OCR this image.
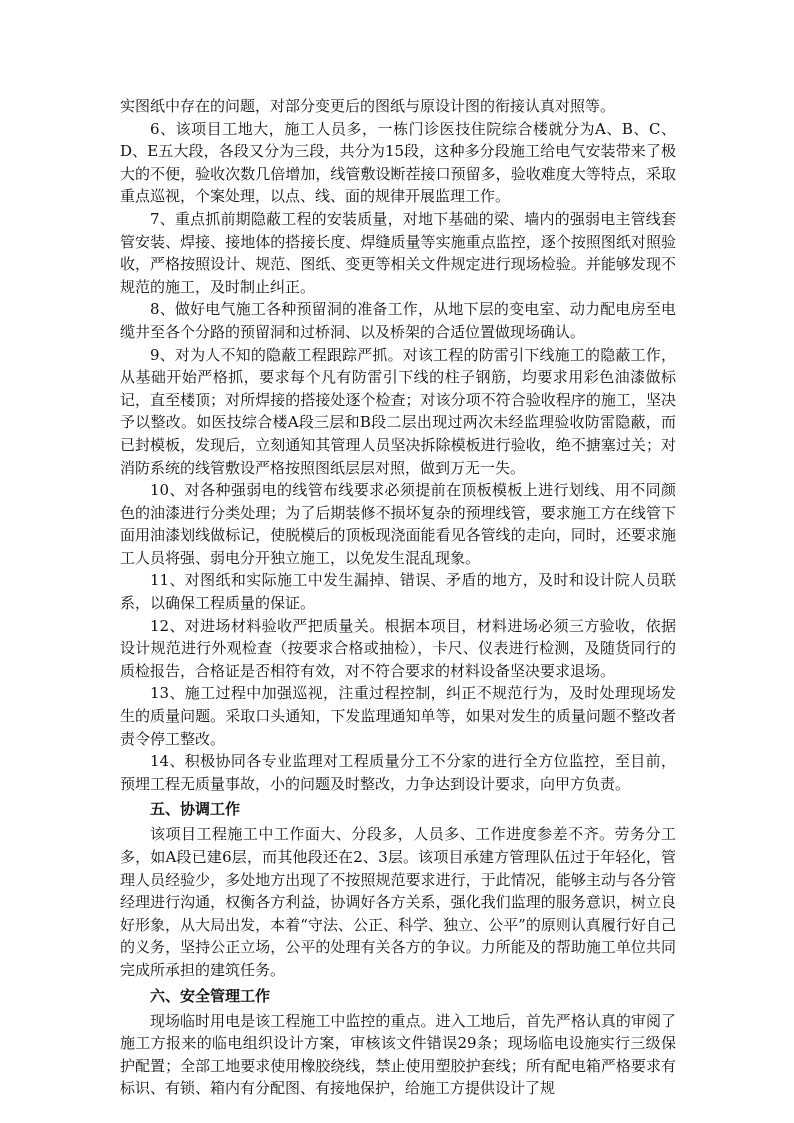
实图纸中存在的问题，对部分变更后的图纸与原设计图的衔接认真对照等。

6、该项目工地大，施工人员多，一栋门诊医技住院综合楼就分为A、B、C、D、E五大段，各段又分为三段，共分为15段，这种多分段施工给电气安装带来了极大的不便，验收次数几倍增加，线管敷设断茬接口预留多，验收难度大等特点，采取重点巡视，个案处理，以点、线、面的规律开展监理工作。

7、重点抓前期隐蔽工程的安装质量，对地下基础的梁、墙内的强弱电主管线套管安装、焊接、接地体的搭接长度、焊缝质量等实施重点监控，逐个按照图纸对照验收，严格按照设计、规范、图纸、变更等相关文件规定进行现场检验。并能够发现不规范的施工，及时制止纠正。

8、做好电气施工各种预留洞的准备工作，从地下层的变电室、动力配电房至电缆井至各个分路的预留洞和过桥洞、以及桥架的合适位置做现场确认。

9、对为人不知的隐蔽工程跟踪严抓。对该工程的防雷引下线施工的隐蔽工作，从基础开始严格抓，要求每个凡有防雷引下线的柱子钢筋，均要求用彩色油漆做标记，直至楼顶；对所焊接的搭接处逐个检查；对该分项不符合验收程序的施工，坚决予以整改。如医技综合楼A段三层和B段二层出现过两次未经监理验收防雷隐蔽，而已封模板，发现后，立刻通知其管理人员坚决拆除模板进行验收，绝不搪塞过关；对消防系统的线管敷设严格按照图纸层层对照，做到万无一失。

10、对各种强弱电的线管布线要求必须提前在顶板模板上进行划线、用不同颜色的油漆进行分类处理；为了后期装修不损坏复杂的预埋线管，要求施工方在线管下面用油漆划线做标记，使脱模后的顶板现浇面能看见各管线的走向，同时，还要求施工人员将强、弱电分开独立施工，以免发生混乱现象。

11、对图纸和实际施工中发生漏掉、错误、矛盾的地方，及时和设计院人员联系，以确保工程质量的保证。

12、对进场材料验收严把质量关。根据本项目，材料进场必须三方验收，依据设计规范进行外观检查（按要求合格或抽检），卡尺、仪表进行检测，及随货同行的质检报告，合格证是否相符有效，对不符合要求的材料设备坚决要求退场。

13、施工过程中加强巡视，注重过程控制，纠正不规范行为，及时处理现场发生的质量问题。采取口头通知，下发监理通知单等，如果对发生的质量问题不整改者责令停工整改。

14、积极协同各专业监理对工程质量分工不分家的进行全方位监控，至目前，预埋工程无质量事故，小的问题及时整改，力争达到设计要求，向甲方负责。

五、协调工作

该项目工程施工中工作面大、分段多，人员多、工作进度参差不齐。劳务分工多，如A段已建6层，而其他段还在2、3层。该项目承建方管理队伍过于年轻化，管理人员经验少，多处地方出现了不按照规范要求进行，于此情况，能够主动与各分管经理进行沟通，权衡各方利益，协调好各方关系，强化我们监理的服务意识，树立良好形象，从大局出发，本着“守法、公正、科学、独立、公平”的原则认真履行好自己的义务，坚持公正立场，公平的处理有关各方的争议。力所能及的帮助施工单位共同完成所承担的建筑任务。

六、安全管理工作

现场临时用电是该工程施工中监控的重点。进入工地后，首先严格认真的审阅了施工方报来的临电组织设计方案，审核该文件错误29条；现场临电设施实行三级保护配置；全部工地要求使用橡胶绕线，禁止使用塑胶护套线；所有配电箱严格要求有标识、有锁、箱内有分配图、有接地保护，给施工方提供设计了规
